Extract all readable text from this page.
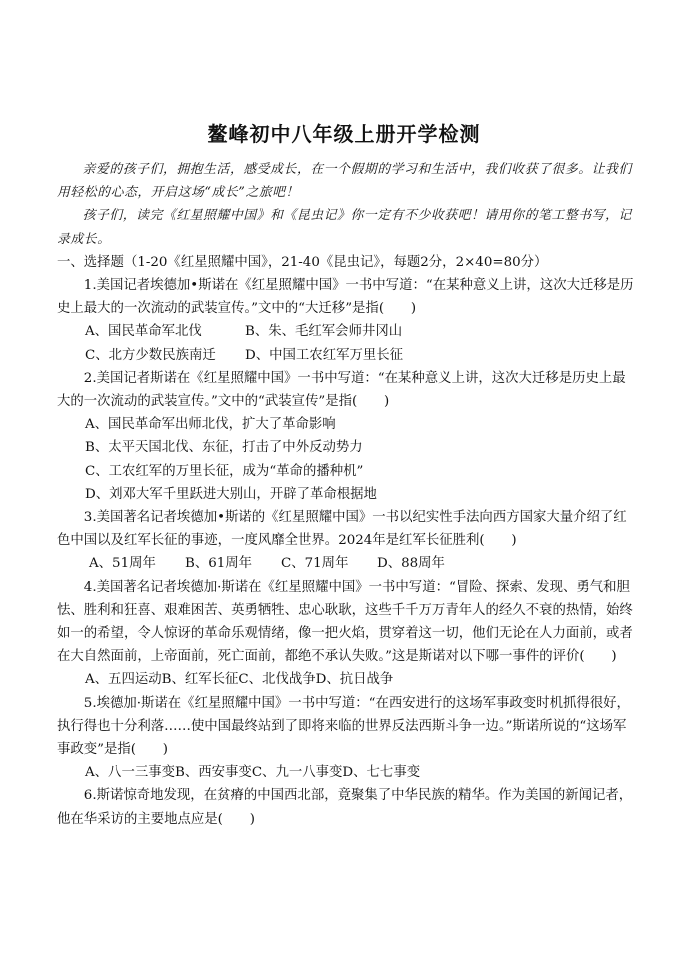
鳌峰初中八年级上册开学检测

亲爱的孩子们，拥抱生活，感受成长，在一个假期的学习和生活中，我们收获了很多。让我们用轻松的心态，开启这场“成长”之旅吧！

孩子们，读完《红星照耀中国》和《昆虫记》你一定有不少收获吧！请用你的笔工整书写，记录成长。

一、选择题（1-20《红星照耀中国》，21-40《昆虫记》，每题2分，2×40=80分）

1.美国记者埃德加•斯诺在《红星照耀中国》一书中写道：“在某种意义上讲，这次大迁移是历史上最大的一次流动的武装宣传。”文中的“大迁移”是指(　　)

A、国民革命军北伐	B、朱、毛红军会师井冈山
C、北方少数民族南迁 D、中国工农红军万里长征

2.美国记者斯诺在《红星照耀中国》一书中写道：“在某种意义上讲，这次大迁移是历史上最大的一次流动的武装宣传。”文中的“武装宣传”是指(　　)

A、国民革命军出师北伐，扩大了革命影响
B、太平天国北伐、东征，打击了中外反动势力
C、工农红军的万里长征，成为“革命的播种机”
D、刘邓大军千里跃进大别山，开辟了革命根据地

3.美国著名记者埃德加•斯诺的《红星照耀中国》一书以纪实性手法向西方国家大量介绍了红色中国以及红军长征的事迹，一度风靡全世界。2024年是红军长征胜利(　　)

A、51周年 B、61周年 C、71周年 D、88周年

4.美国著名记者埃德加·斯诺在《红星照耀中国》一书中写道：“冒险、探索、发现、勇气和胆怯、胜利和狂喜、艰难困苦、英勇牺牲、忠心耿耿，这些千千万万青年人的经久不衰的热情，始终如一的希望，令人惊讶的革命乐观情绪，像一把火焰，贯穿着这一切，他们无论在人力面前，或者在大自然面前，上帝面前，死亡面前，都绝不承认失败。”这是斯诺对以下哪一事件的评价(　　)

A、五四运动B、红军长征C、北伐战争D、抗日战争

5.埃德加·斯诺在《红星照耀中国》一书中写道：“在西安进行的这场军事政变时机抓得很好，执行得也十分利落……使中国最终站到了即将来临的世界反法西斯斗争一边。”斯诺所说的“这场军事政变”是指(　　)

A、八一三事变B、西安事变C、九一八事变D、七七事变

6.斯诺惊奇地发现，在贫瘠的中国西北部，竟聚集了中华民族的精华。作为美国的新闻记者，他在华采访的主要地点应是(　　)
